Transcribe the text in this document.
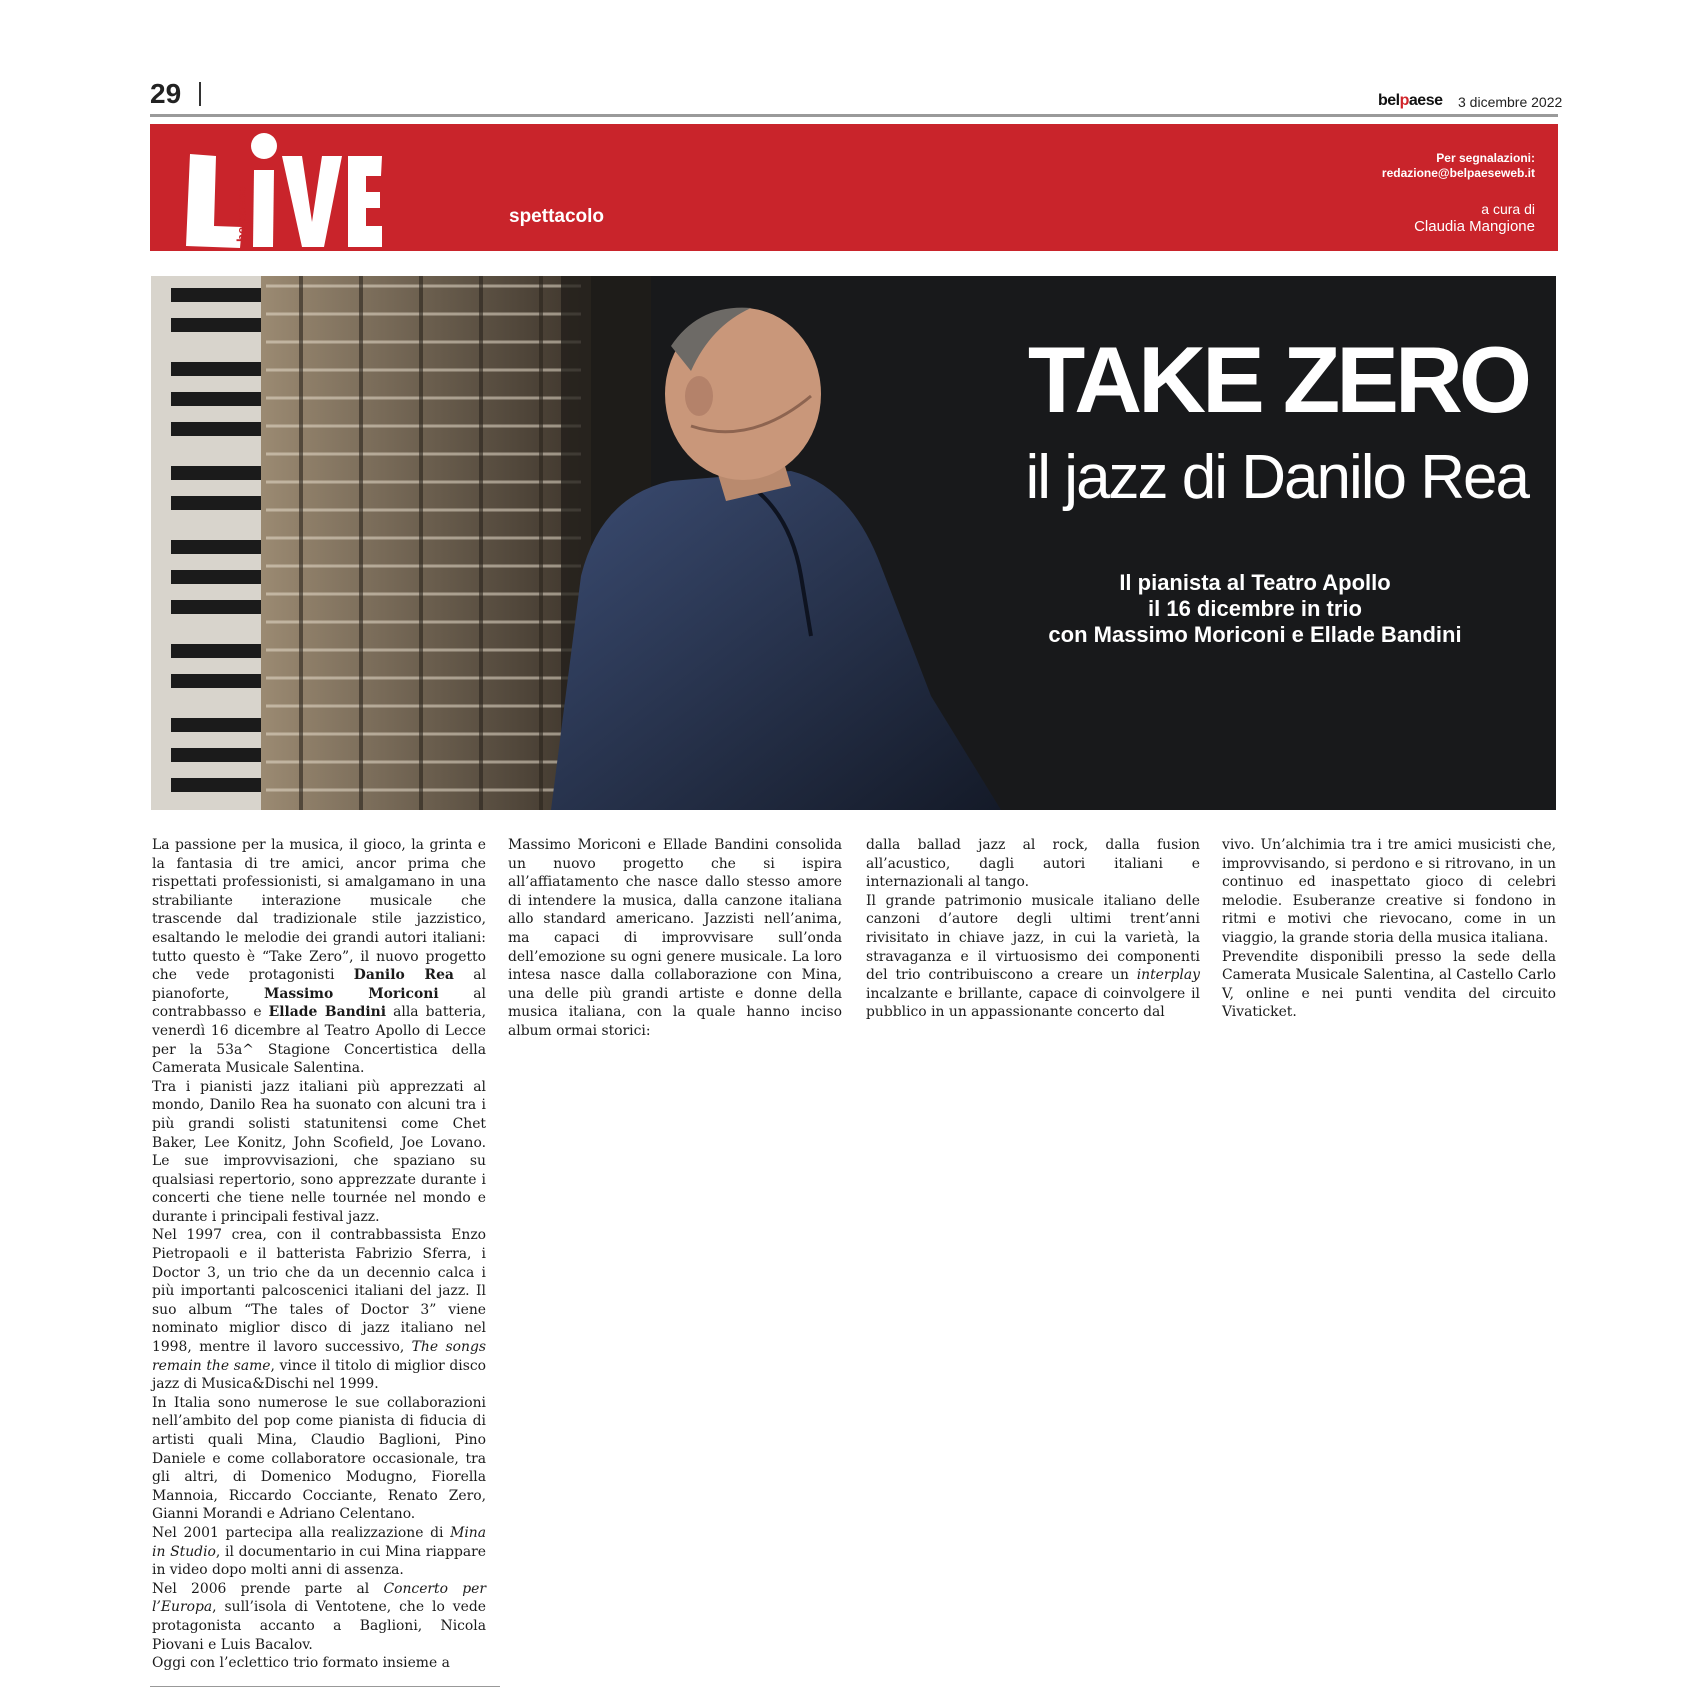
29	belpaese 3 dicembre 2022
belpaese	spettacolo
Per segnalazioni:
redazione@belpaeseweb.it
a cura di
Claudia Mangione
TAKE ZERO
il jazz di Danilo Rea
Il pianista al Teatro Apollo
il 16 dicembre in trio
con Massimo Moriconi e Ellade Bandini

La passione per la musica, il gioco, la grinta e la fantasia di tre amici, ancor prima che rispettati professionisti, si amalgamano in una strabiliante interazione musicale che trascende dal tradizionale stile jazzistico, esaltando le melodie dei grandi autori italiani: tutto questo è “Take Zero”, il nuovo progetto che vede protagonisti Danilo Rea al pianoforte, Massimo Moriconi al contrabbasso e Ellade Bandini alla batteria, venerdì 16 dicembre al Teatro Apollo di Lecce per la 53a^ Stagione Concertistica della Camerata Musicale Salentina.

Tra i pianisti jazz italiani più apprezzati al mondo, Danilo Rea ha suonato con alcuni tra i più grandi solisti statunitensi come Chet Baker, Lee Konitz, John Scofield, Joe Lovano. Le sue improvvisazioni, che spaziano su qualsiasi repertorio, sono apprezzate durante i concerti che tiene nelle tournée nel mondo e durante i principali festival jazz.

Nel 1997 crea, con il contrabbassista Enzo Pietropaoli e il batterista Fabrizio Sferra, i Doctor 3, un trio che da un decennio calca i più importanti palcoscenici italiani del jazz. Il suo album “The tales of Doctor 3” viene nominato miglior disco di jazz italiano nel 1998, mentre il lavoro successivo, The songs remain the same, vince il titolo di miglior disco jazz di Musica&Dischi nel 1999.

In Italia sono numerose le sue collaborazioni nell’ambito del pop come pianista di fiducia di artisti quali Mina, Claudio Baglioni, Pino Daniele e come collaboratore occasionale, tra gli altri, di Domenico Modugno, Fiorella Mannoia, Riccardo Cocciante, Renato Zero, Gianni Morandi e Adriano Celentano.

Nel 2001 partecipa alla realizzazione di Mina in Studio, il documentario in cui Mina riappare in video dopo molti anni di assenza.

Nel 2006 prende parte al Concerto per l’Europa, sull’isola di Ventotene, che lo vede protagonista accanto a Baglioni, Nicola Piovani e Luis Bacalov.

Oggi con l’eclettico trio formato insieme a

Massimo Moriconi e Ellade Bandini consolida un nuovo progetto che si ispira all’affiatamento che nasce dallo stesso amore di intendere la musica, dalla canzone italiana allo standard americano. Jazzisti nell’anima, ma capaci di improvvisare sull’onda dell’emozione su ogni genere musicale. La loro intesa nasce dalla collaborazione con Mina, una delle più grandi artiste e donne della musica italiana, con la quale hanno inciso album ormai storici:

dalla ballad jazz al rock, dalla fusion all’acustico, dagli autori italiani e internazionali al tango.

Il grande patrimonio musicale italiano delle canzoni d’autore degli ultimi trent’anni rivisitato in chiave jazz, in cui la varietà, la stravaganza e il virtuosismo dei componenti del trio contribuiscono a creare un interplay incalzante e brillante, capace di coinvolgere il pubblico in un appassionante concerto dal

vivo. Un’alchimia tra i tre amici musicisti che, improvvisando, si perdono e si ritrovano, in un continuo ed inaspettato gioco di celebri melodie. Esuberanze creative si fondono in ritmi e motivi che rievocano, come in un viaggio, la grande storia della musica italiana.

Prevendite disponibili presso la sede della Camerata Musicale Salentina, al Castello Carlo V, online e nei punti vendita del circuito Vivaticket.
